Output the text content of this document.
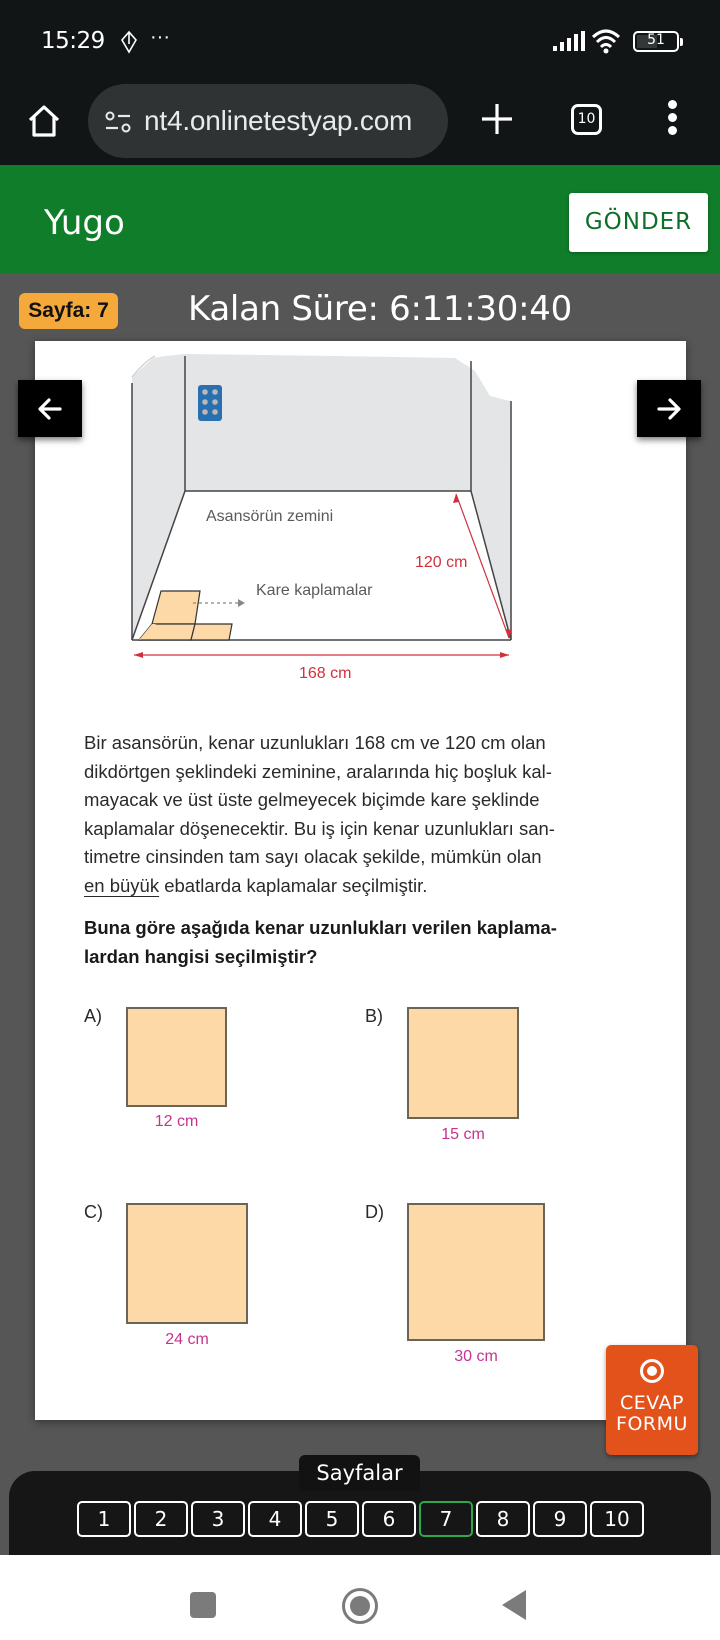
15:29 ···	51
nt4.onlinetestyap.com	10
Yugo	GÖNDER
Sayfa: 7 Kalan Süre: 6:11:30:40
Asansörün zemini
Kare kaplamalar
120 cm
168 cm

Bir asansörün, kenar uzunlukları 168 cm ve 120 cm olan

dikdörtgen şeklindeki zeminine, aralarında hiç boşluk kal-

mayacak ve üst üste gelmeyecek biçimde kare şeklinde

kaplamalar döşenecektir. Bu iş için kenar uzunlukları san-

timetre cinsinden tam sayı olacak şekilde, mümkün olan

en büyük ebatlarda kaplamalar seçilmiştir.

Buna göre aşağıda kenar uzunlukları verilen kaplama-

lardan hangisi seçilmiştir?

A)
12 cm
B)
15 cm
C)
24 cm
D)
30 cm
CEVAP
FORMU
1	2	3	4	5	6	7	8	9	10
Sayfalar
